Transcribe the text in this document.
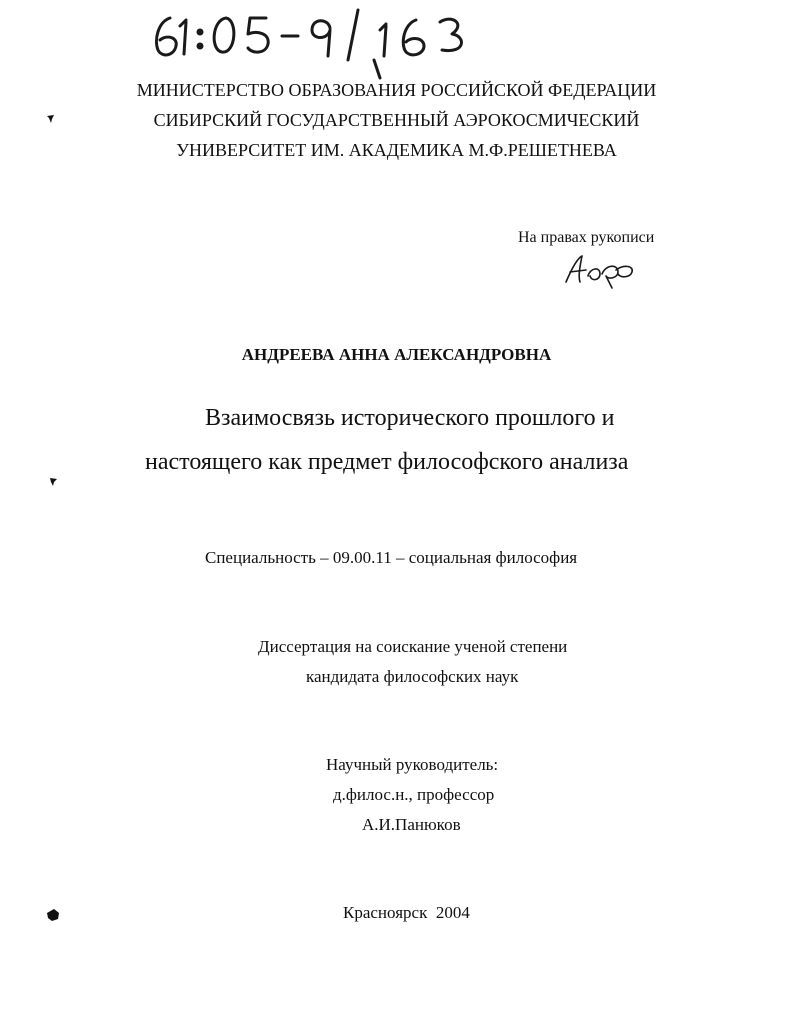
МИНИСТЕРСТВО ОБРАЗОВАНИЯ РОССИЙСКОЙ ФЕДЕРАЦИИ
СИБИРСКИЙ ГОСУДАРСТВЕННЫЙ АЭРОКОСМИЧЕСКИЙ
УНИВЕРСИТЕТ ИМ. АКАДЕМИКА М.Ф.РЕШЕТНЕВА
На правах рукописи
АНДРЕЕВА АННА АЛЕКСАНДРОВНА
Взаимосвязь исторического прошлого и
настоящего как предмет философского анализа
Специальность – 09.00.11 – социальная философия
Диссертация на соискание ученой степени
кандидата философских наук
Научный руководитель:
д.филос.н., профессор
А.И.Панюков
Красноярск  2004
